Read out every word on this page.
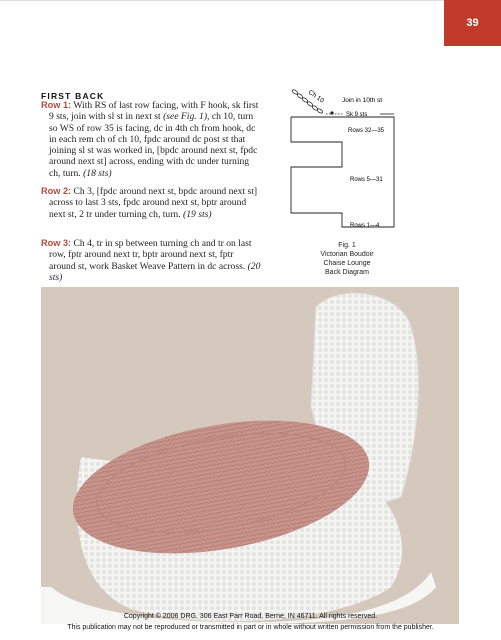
39
FIRST BACK

Row 1: With RS of last row facing, with F hook, sk first 9 sts, join with sl st in next st (see Fig. 1), ch 10, turn so WS of row 35 is facing, dc in 4th ch from hook, dc in each rem ch of ch 10, fpdc around dc post st that joining sl st was worked in, [bpdc around next st, fpdc around next st] across, ending with dc under turning ch, turn. (18 sts)

Row 2: Ch 3, [fpdc around next st, bpdc around next st] across to last 3 sts, fpdc around next st, bptr around next st, 2 tr under turning ch, turn. (19 sts)

Row 3: Ch 4, tr in sp between turning ch and tr on last row, fptr around next tr, bptr around next st, fptr around st, work Basket Weave Pattern in dc across. (20 sts)

Ch 10	Join in 10th st
Sk 9 sts
Rows 32—35
Rows 5—31
Rows 1—4
Fig. 1
Victorian Boudoir
Chaise Lounge
Back Diagram
Copyright © 2006 DRG, 306 East Parr Road, Berne, IN 46711. All rights reserved.
This publication may not be reproduced or transmitted in part or in whole without written permission from the publisher.
